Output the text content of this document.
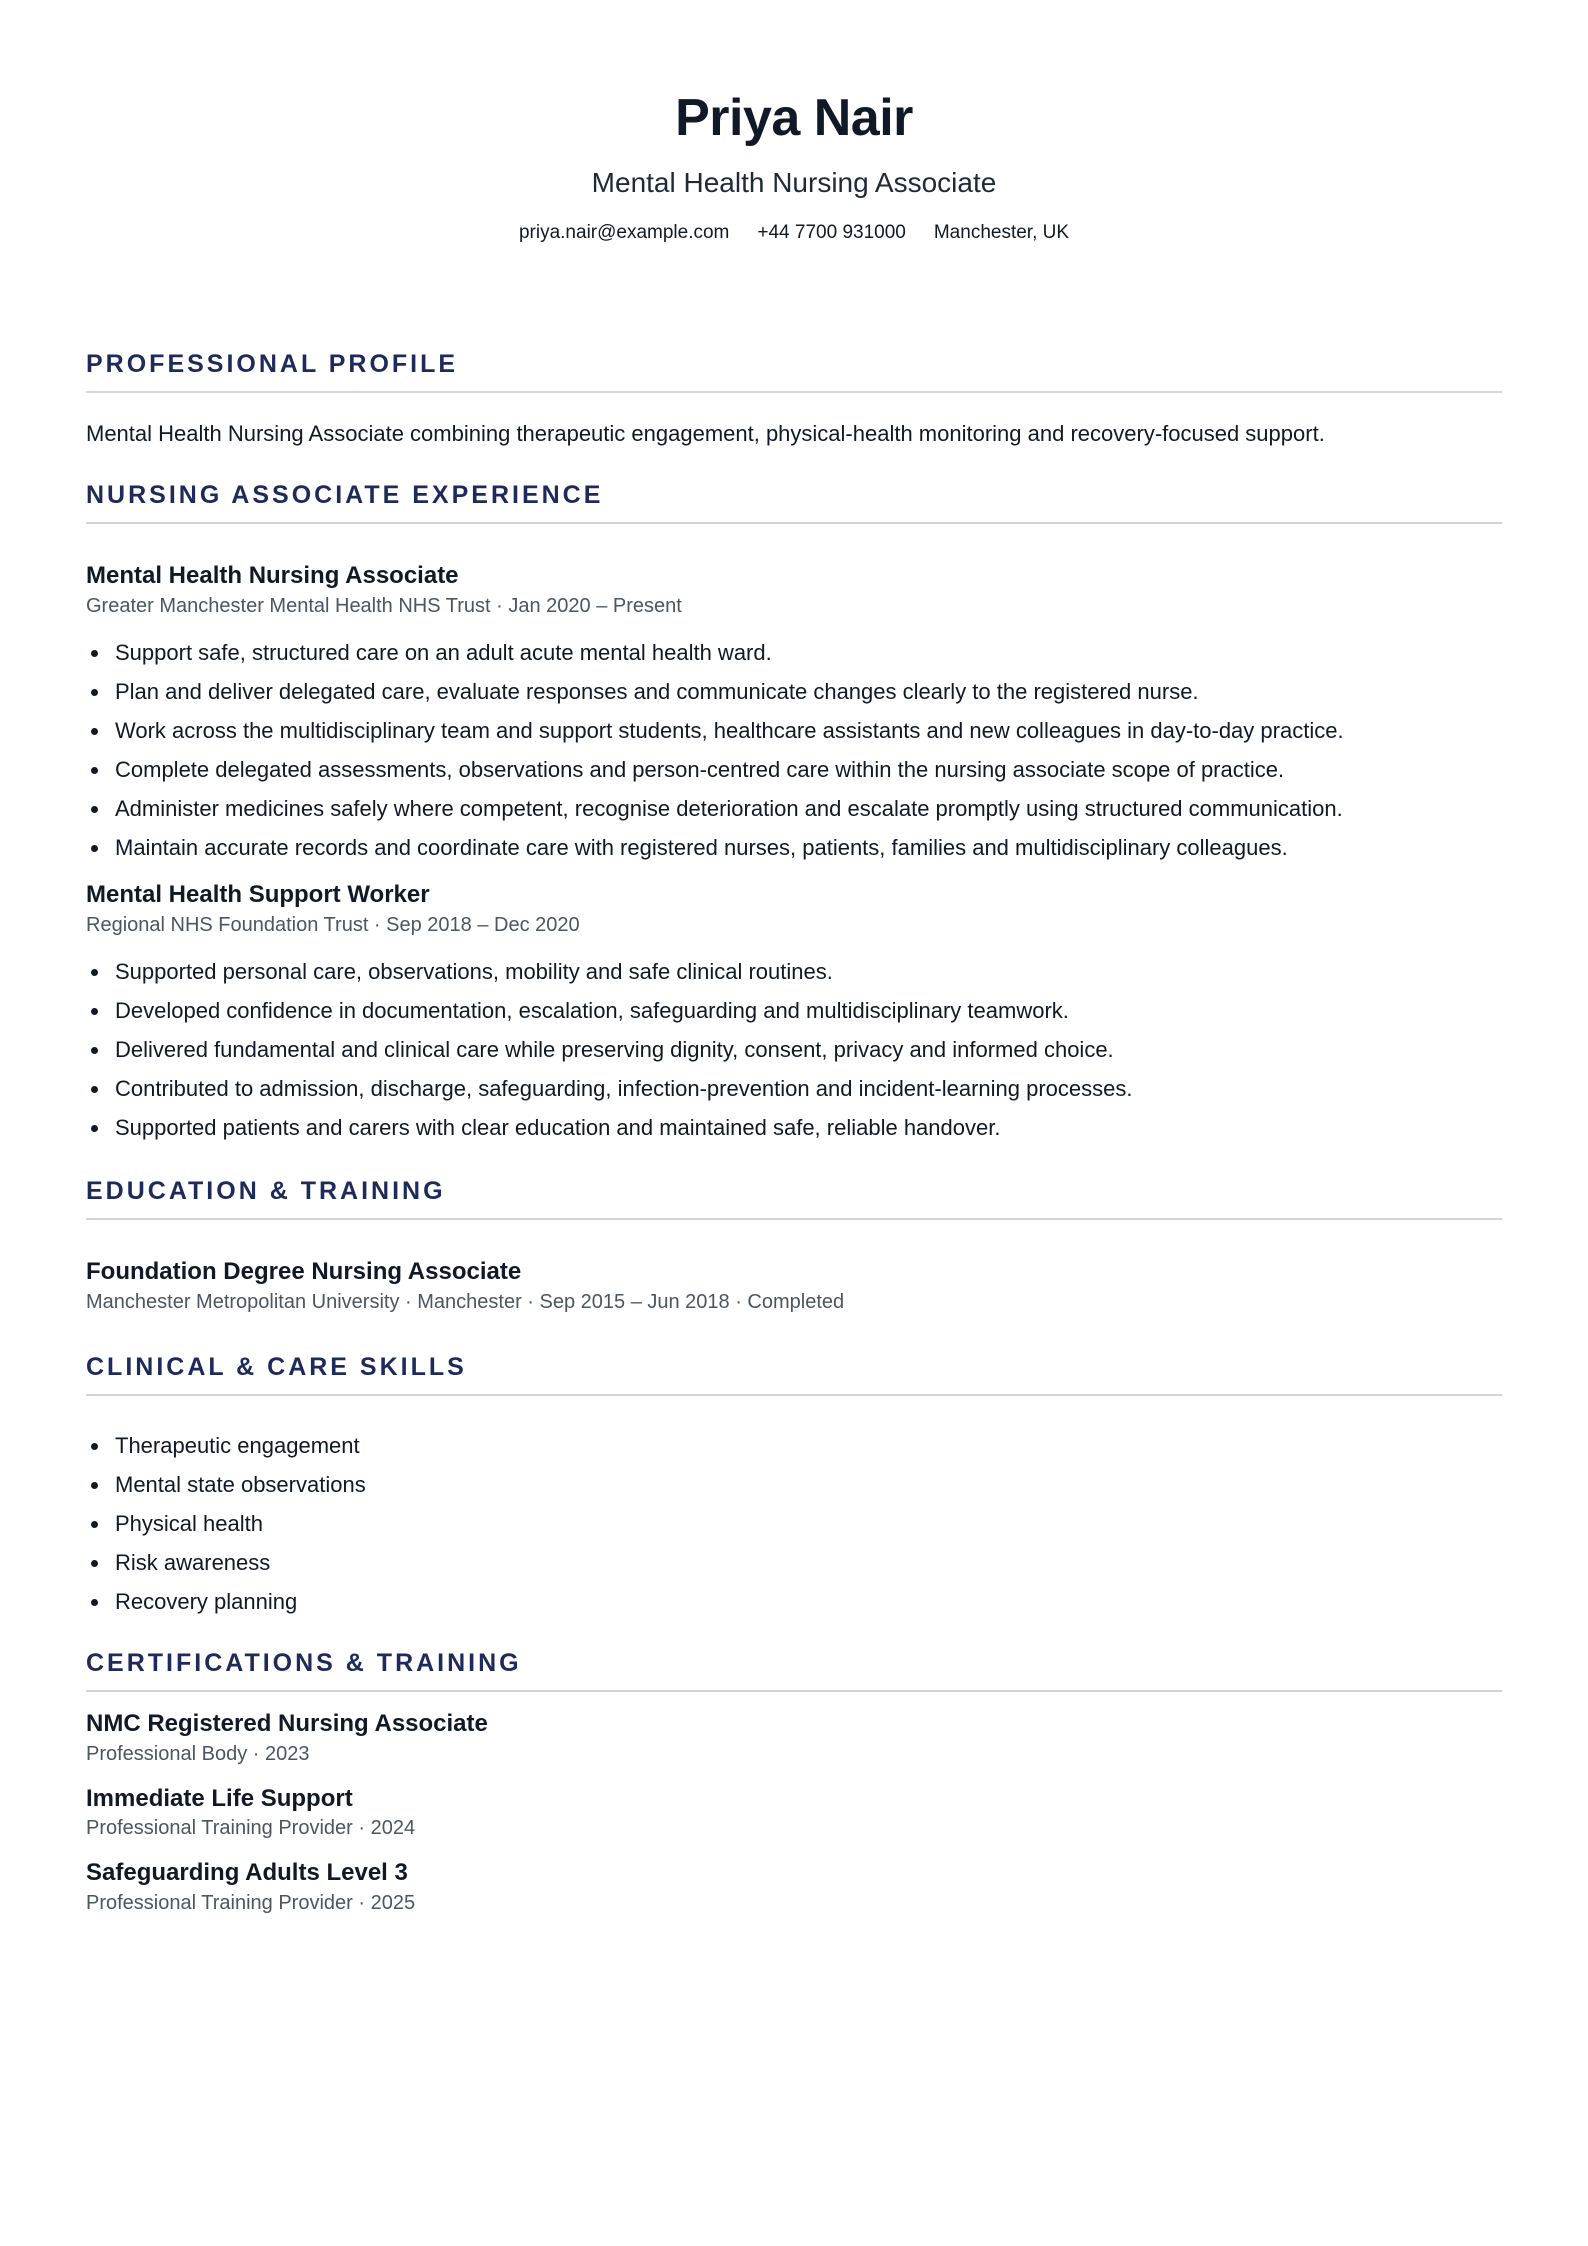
Priya Nair
Mental Health Nursing Associate
priya.nair@example.com +44 7700 931000 Manchester, UK
PROFESSIONAL PROFILE
Mental Health Nursing Associate combining therapeutic engagement, physical-health monitoring and recovery-focused support.
NURSING ASSOCIATE EXPERIENCE
Mental Health Nursing Associate
Greater Manchester Mental Health NHS Trust · Jan 2020 – Present
Support safe, structured care on an adult acute mental health ward.
Plan and deliver delegated care, evaluate responses and communicate changes clearly to the registered nurse.
Work across the multidisciplinary team and support students, healthcare assistants and new colleagues in day-to-day practice.
Complete delegated assessments, observations and person-centred care within the nursing associate scope of practice.
Administer medicines safely where competent, recognise deterioration and escalate promptly using structured communication.
Maintain accurate records and coordinate care with registered nurses, patients, families and multidisciplinary colleagues.
Mental Health Support Worker
Regional NHS Foundation Trust · Sep 2018 – Dec 2020
Supported personal care, observations, mobility and safe clinical routines.
Developed confidence in documentation, escalation, safeguarding and multidisciplinary teamwork.
Delivered fundamental and clinical care while preserving dignity, consent, privacy and informed choice.
Contributed to admission, discharge, safeguarding, infection-prevention and incident-learning processes.
Supported patients and carers with clear education and maintained safe, reliable handover.
EDUCATION & TRAINING
Foundation Degree Nursing Associate
Manchester Metropolitan University · Manchester · Sep 2015 – Jun 2018 · Completed
CLINICAL & CARE SKILLS
Therapeutic engagement
Mental state observations
Physical health
Risk awareness
Recovery planning
CERTIFICATIONS & TRAINING
NMC Registered Nursing Associate
Professional Body · 2023
Immediate Life Support
Professional Training Provider · 2024
Safeguarding Adults Level 3
Professional Training Provider · 2025
